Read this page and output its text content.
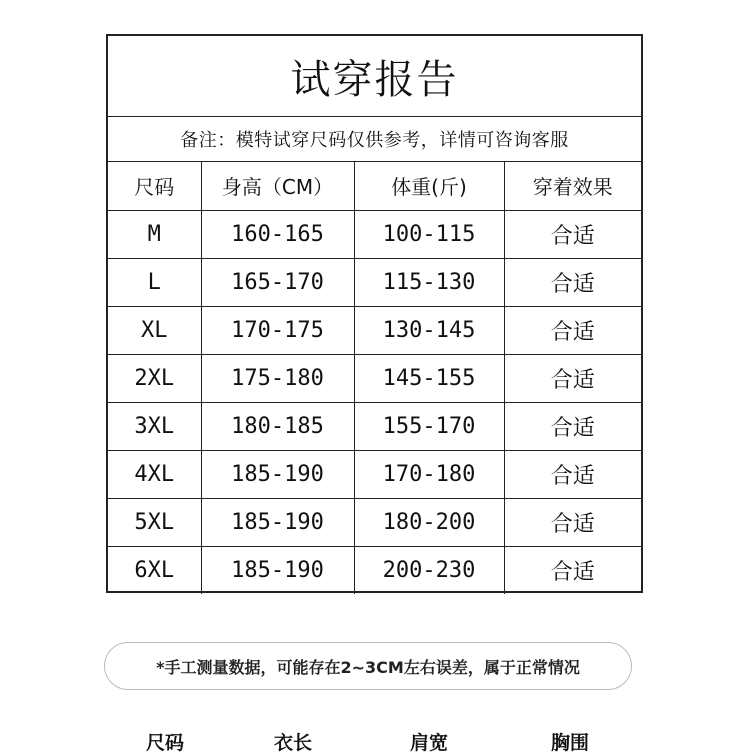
试穿报告
备注：模特试穿尺码仅供参考，详情可咨询客服
尺码	身高（CM）	体重(斤)	穿着效果
M	160-165	100-115	合适
L	165-170	115-130	合适
XL	170-175	130-145	合适
2XL	175-180	145-155	合适
3XL	180-185	155-170	合适
4XL	185-190	170-180	合适
5XL	185-190	180-200	合适
6XL	185-190	200-230	合适
*手工测量数据，可能存在2~3CM左右误差，属于正常情况
尺码	衣长	肩宽	胸围
